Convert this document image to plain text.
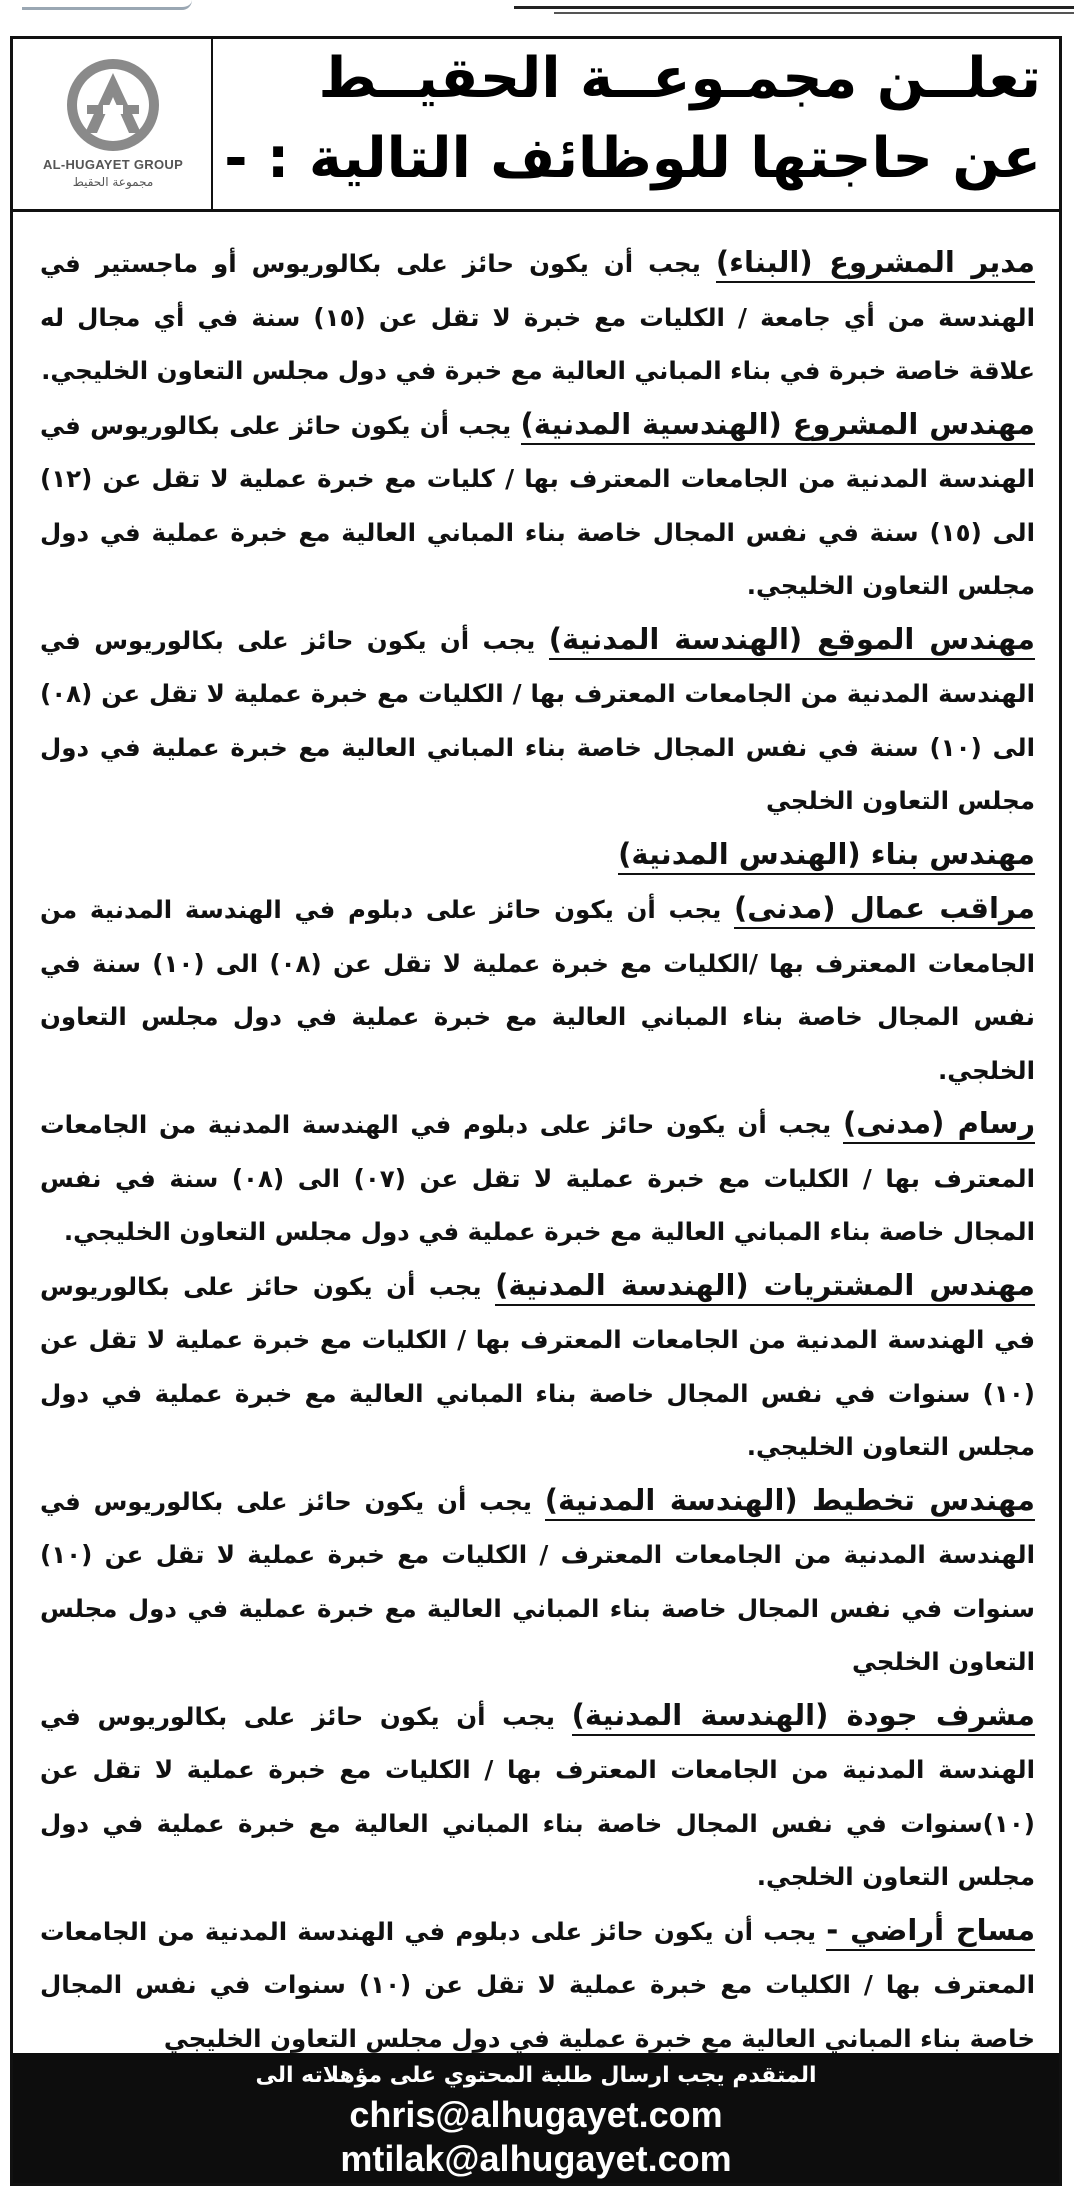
AL-HUGAYET GROUP
مجموعة الحقيط
تعلــن مجمـوعــة الحقيــط
عن حاجتها للوظائف التالية : -

مدير المشروع (البناء) يجب أن يكون حائز على بكالوريوس أو ماجستير في الهندسة من أي جامعة / الكليات مع خبرة لا تقل عن (١٥) سنة في أي مجال له علاقة خاصة خبرة في بناء المباني العالية مع خبرة في دول مجلس التعاون الخليجي.

مهندس المشروع (الهندسية المدنية) يجب أن يكون حائز على بكالوريوس في الهندسة المدنية من الجامعات المعترف بها / كليات مع خبرة عملية لا تقل عن (١٢) الى (١٥) سنة في نفس المجال خاصة بناء المباني العالية مع خبرة عملية في دول مجلس التعاون الخليجي.

مهندس الموقع (الهندسة المدنية) يجب أن يكون حائز على بكالوريوس في الهندسة المدنية من الجامعات المعترف بها / الكليات مع خبرة عملية لا تقل عن (٠٨) الى (١٠) سنة في نفس المجال خاصة بناء المباني العالية مع خبرة عملية في دول مجلس التعاون الخلجي

مهندس بناء (الهندس المدنية)

مراقب عمال (مدنى) يجب أن يكون حائز على دبلوم في الهندسة المدنية من الجامعات المعترف بها /الكليات مع خبرة عملية لا تقل عن (٠٨) الى (١٠) سنة في نفس المجال خاصة بناء المباني العالية مع خبرة عملية في دول مجلس التعاون الخلجي.

رسام (مدنى) يجب أن يكون حائز على دبلوم في الهندسة المدنية من الجامعات المعترف بها / الكليات مع خبرة عملية لا تقل عن (٠٧) الى (٠٨) سنة في نفس المجال خاصة بناء المباني العالية مع خبرة عملية في دول مجلس التعاون الخليجي.

مهندس المشتريات (الهندسة المدنية) يجب أن يكون حائز على بكالوريوس في الهندسة المدنية من الجامعات المعترف بها / الكليات مع خبرة عملية لا تقل عن (١٠) سنوات في نفس المجال خاصة بناء المباني العالية مع خبرة عملية في دول مجلس التعاون الخليجي.

مهندس تخطيط (الهندسة المدنية) يجب أن يكون حائز على بكالوريوس في الهندسة المدنية من الجامعات المعترف / الكليات مع خبرة عملية لا تقل عن (١٠) سنوات في نفس المجال خاصة بناء المباني العالية مع خبرة عملية في دول مجلس التعاون الخلجي

مشرف جودة (الهندسة المدنية) يجب أن يكون حائز على بكالوريوس في الهندسة المدنية من الجامعات المعترف بها / الكليات مع خبرة عملية لا تقل عن (١٠)سنوات في نفس المجال خاصة بناء المباني العالية مع خبرة عملية في دول مجلس التعاون الخلجي.

مساح أراضي - يجب أن يكون حائز على دبلوم في الهندسة المدنية من الجامعات المعترف بها / الكليات مع خبرة عملية لا تقل عن (١٠) سنوات في نفس المجال خاصة بناء المباني العالية مع خبرة عملية في دول مجلس التعاون الخليجي

المتقدم يجب ارسال طلبة المحتوي على مؤهلاته الى
chris@alhugayet.com
mtilak@alhugayet.com
